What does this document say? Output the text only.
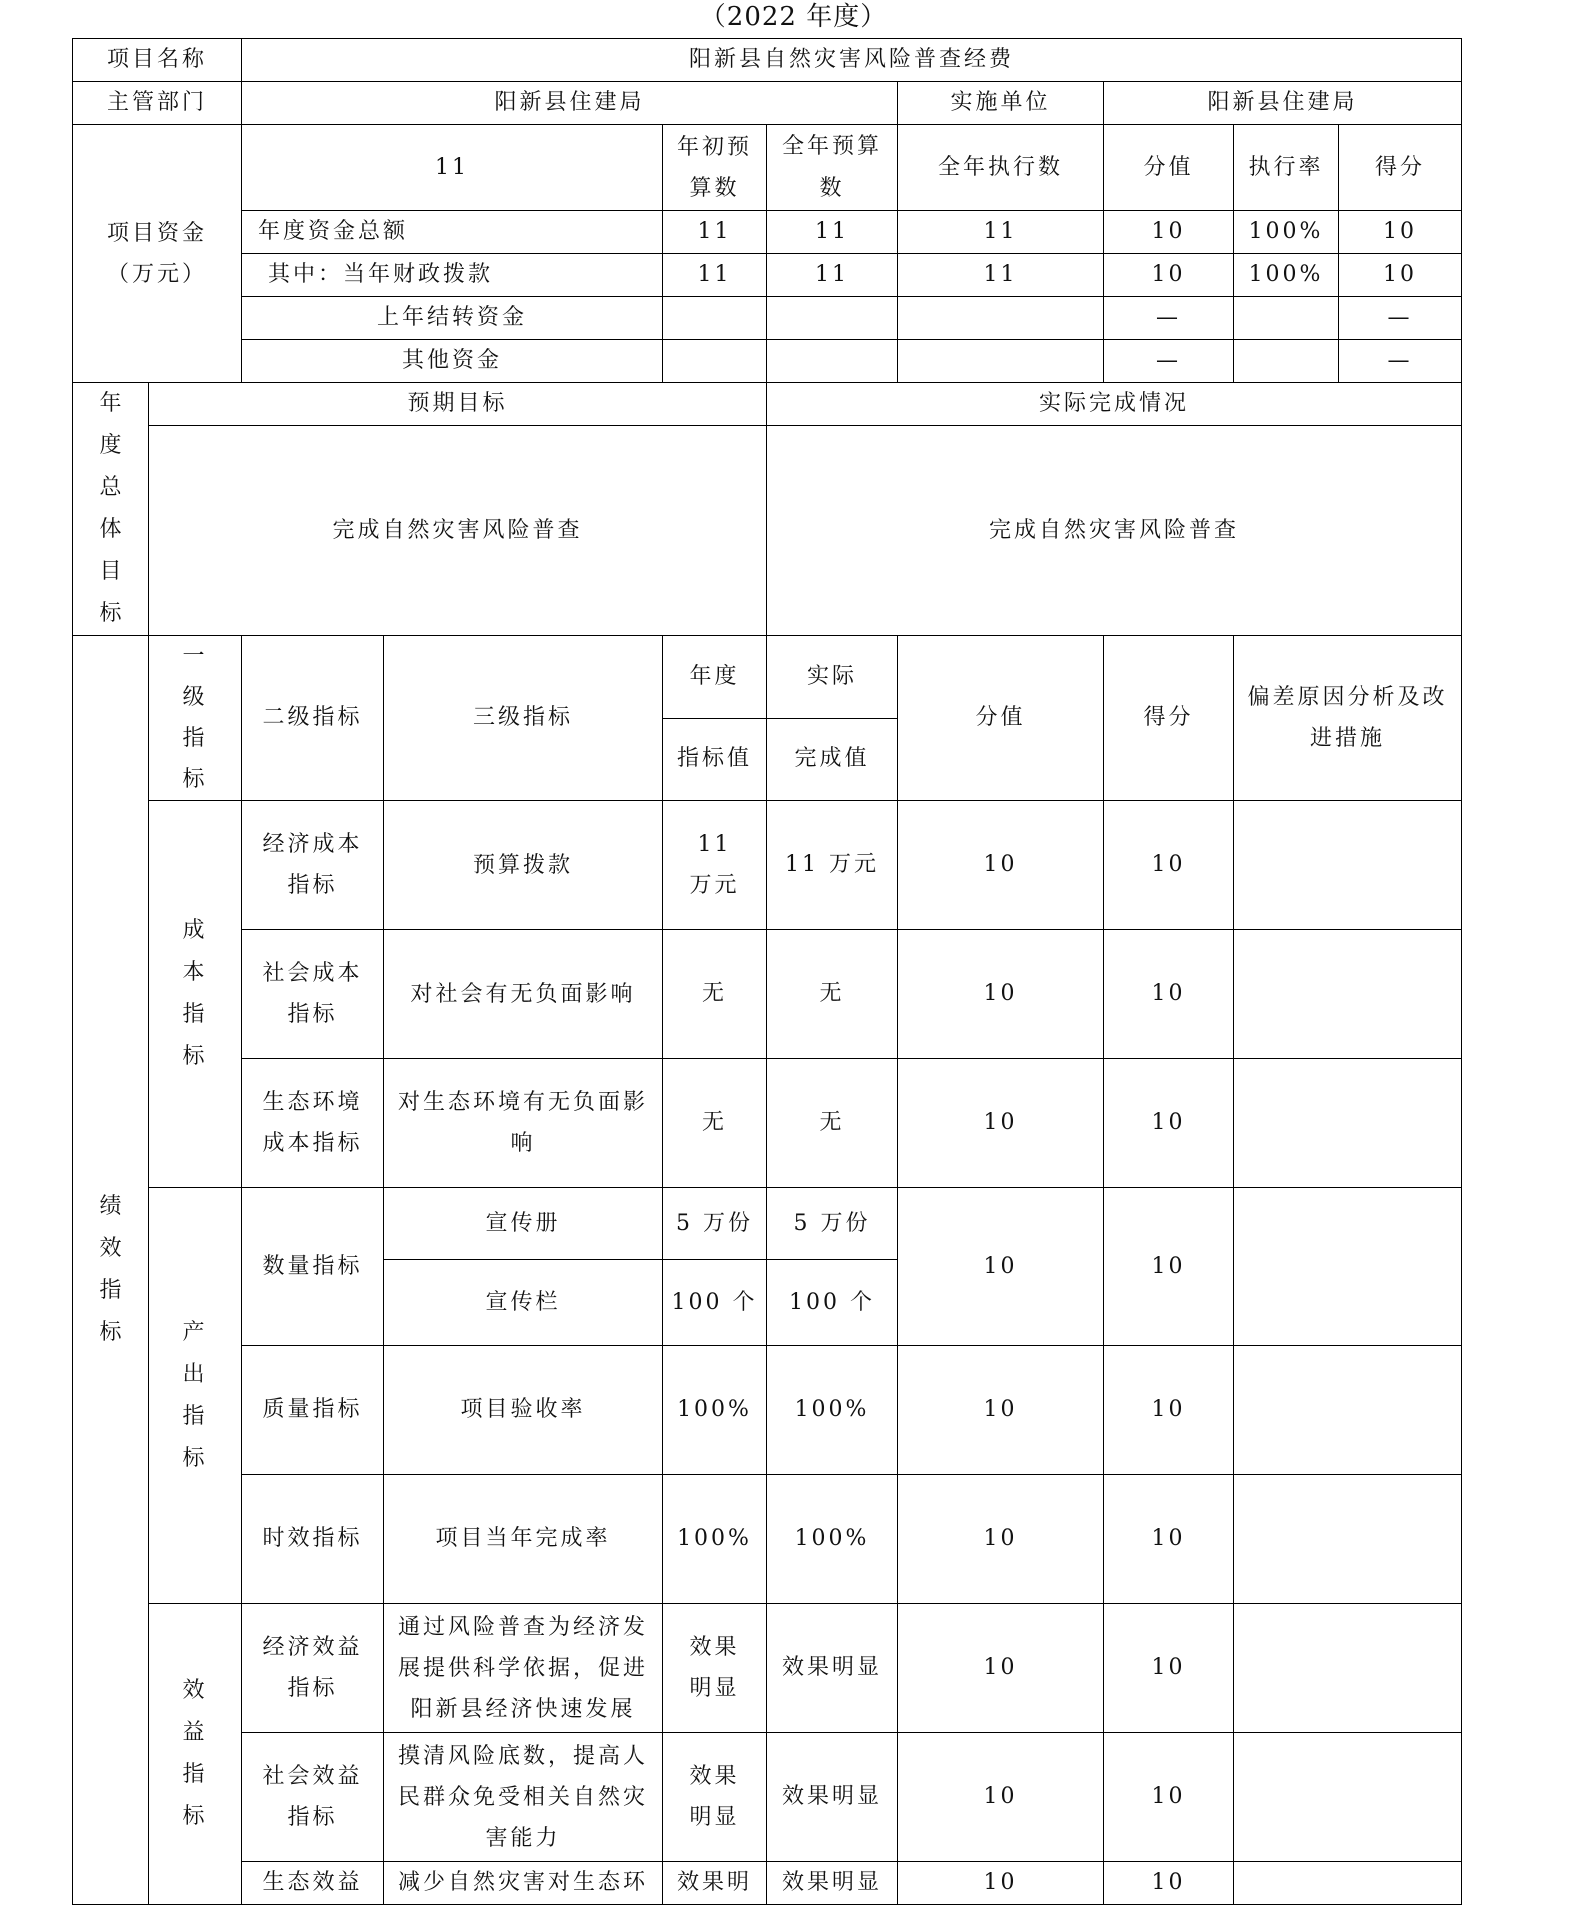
（2022 年度）
项目名称		阳新县自然灾害风险普查经费							
主管部门		阳新县住建局				实施单位	阳新县住建局		

项目资金
（万元）		11		年初预算数	全年预算数	全年执行数	分值	执行率	得分
		年度资金总额		11	11	11	10	100%	10
		其中：当年财政拨款		11	11	11	10	100%	10
		上年结转资金					—		—
		其他资金					—		—

年度总体目标	预期目标				实际完成情况				
	完成自然灾害风险普查				完成自然灾害风险普查				

绩效指标	一级指标	二级指标	三级指标	年度	实际	分值	得分	偏差原因分析及改进措施	
				指标值	完成值				

	成本指标	经济成本指标	预算拨款	11 万元	11 万元	10	10		

		社会成本指标	对社会有无负面影响	无	无	10	10		

		生态环境成本指标	对生态环境有无负面影响	无	无	10	10		

	产出指标	数量指标	宣传册	5 万份	5 万份	10	10		
			宣传栏	100 个	100 个				
		质量指标	项目验收率	100%	100%	10	10		
		时效指标	项目当年完成率	100%	100%	10	10		

	效益指标	经济效益指标	通过风险普查为经济发展提供科学依据，促进阳新县经济快速发展	效果明显	效果明显	10	10		

		社会效益指标	摸清风险底数，提高人民群众免受相关自然灾害能力	效果明显	效果明显	10	10		
		生态效益	减少自然灾害对生态环	效果明	效果明显	10	10		
